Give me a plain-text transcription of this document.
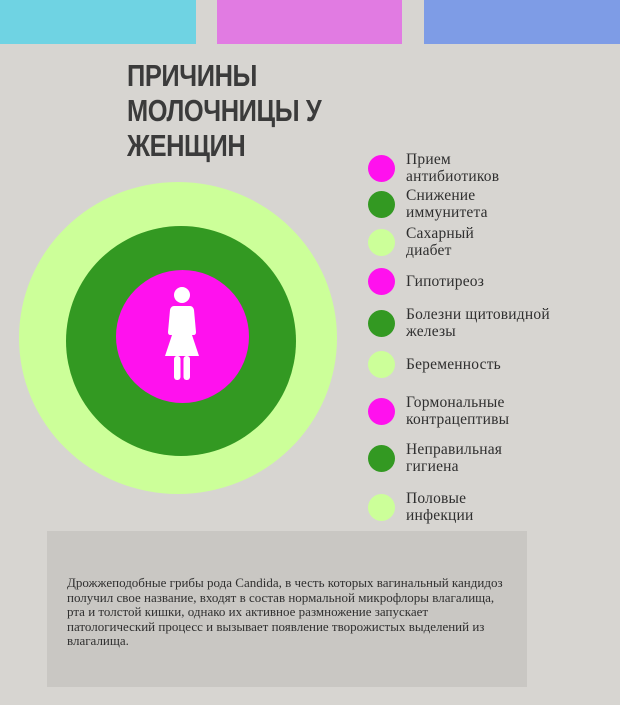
ПРИЧИНЫ МОЛОЧНИЦЫ У ЖЕНЩИН	Прием антибиотиков
Снижение иммунитета
Сахарный диабет
Гипотиреоз
Болезни щитовидной железы
Беременность
Гормональные контрацептивы
Неправильная гигиена
Половые инфекции

Дрожжеподобные грибы рода Candida, в честь которых вагинальный кандидоз получил свое название, входят в состав нормальной микрофлоры влагалища, рта и толстой кишки, однако их активное размножение запускает патологический процесс и вызывает появление творожистых выделений из влагалища.
